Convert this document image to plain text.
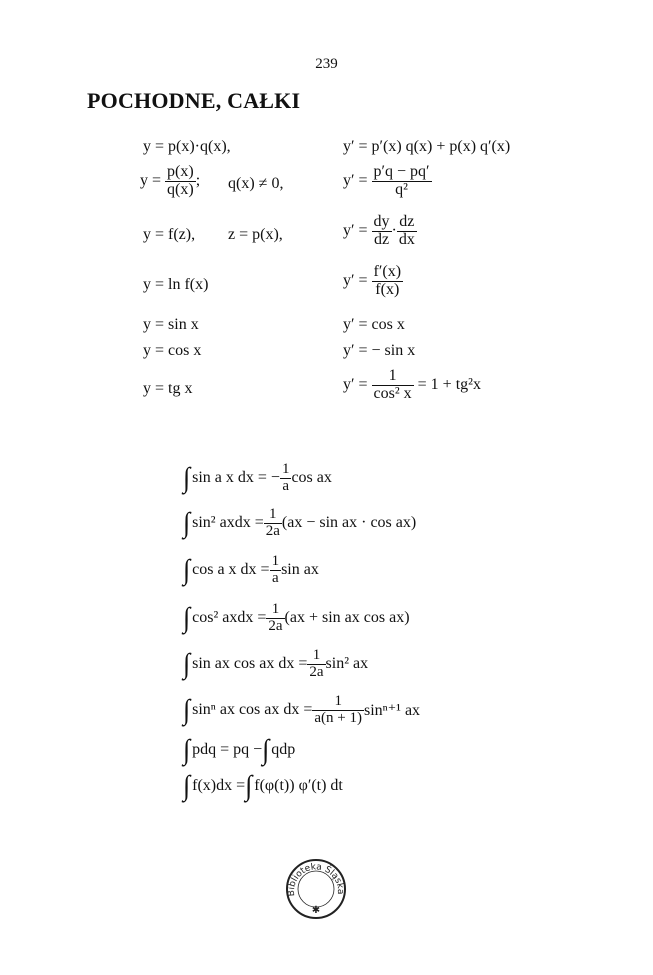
239
POCHODNE, CAŁKI
y = p(x)·q(x),	y′ = p′(x) q(x) + p(x) q′(x)
$y = \frac{p(x)}{q(x)}$ ; q(x) ≠ 0,	$y' = \frac{p'q - pq'}{\text{q²}}$
y = f(z), z = p(x),	$y' = \frac{dy}{dz} \cdot \frac{dz}{dx}$
y = ln f(x)	$y' = \frac{f'(x)}{f(x)}$
y = sin x	y′ = cos x
y = cos x	y′ = − sin x
y = tg x	$y' = \frac{1}{\text{cos² x}} = 1 + tg^2x$
∫ sin a x dx = − $\frac{1}{a}$ cos ax
∫ sin² axdx = $\frac{1}{2a} (ax - \sin$ ax · cos ax)
∫ cos a x dx = $\frac{1}{a}$ sin ax
∫ cos² axdx = $\frac{1}{2a} (ax + \sin$ ax cos ax)
∫ sin ax cos ax dx = $\frac{1}{2a} \sin^2$ ax
∫ sinⁿ ax cos ax dx = $\frac{1}{a(n + 1)} \sin^{n+1}$ ax
∫ pdq = pq − ∫ qdp
∫ f(x)dx = ∫ f(φ(t)) φ′(t) dt
Biblioteka Śląska
✱
